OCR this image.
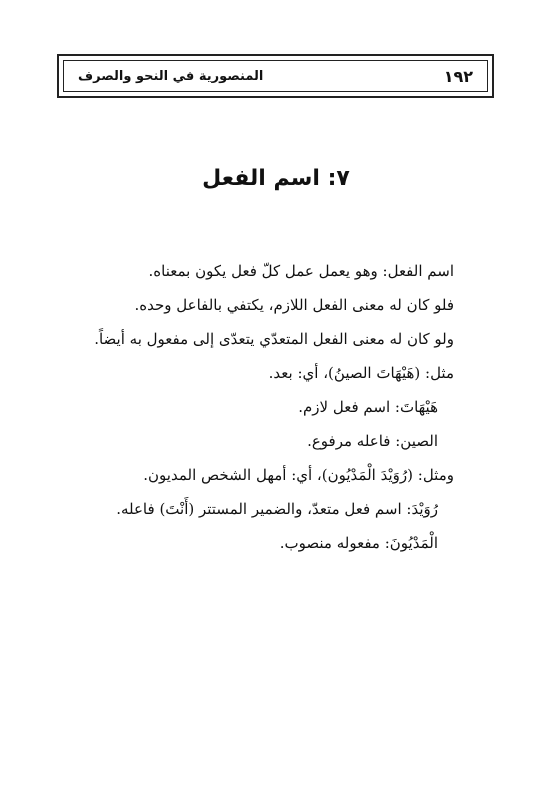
١٩٢
المنصورية في النحو والصرف
٧: اسم الفعل
اسم الفعل: وهو يعمل عمل كلّ فعل يكون بمعناه.
فلو كان له معنى الفعل اللازم، يكتفي بالفاعل وحده.
ولو كان له معنى الفعل المتعدّي يتعدّى إلى مفعول به أيضاً.
مثل: (هَيْهَاتَ الصينُ)، أي: بعد.
هَيْهَاتَ: اسم فعل لازم.
الصين: فاعله مرفوع.
ومثل: (رُوَيْدَ الْمَدْيُون)، أي: أمهل الشخص المديون.
رُوَيْدَ: اسم فعل متعدّ، والضمير المستتر (أَنْتَ) فاعله.
الْمَدْيُونَ: مفعوله منصوب.
